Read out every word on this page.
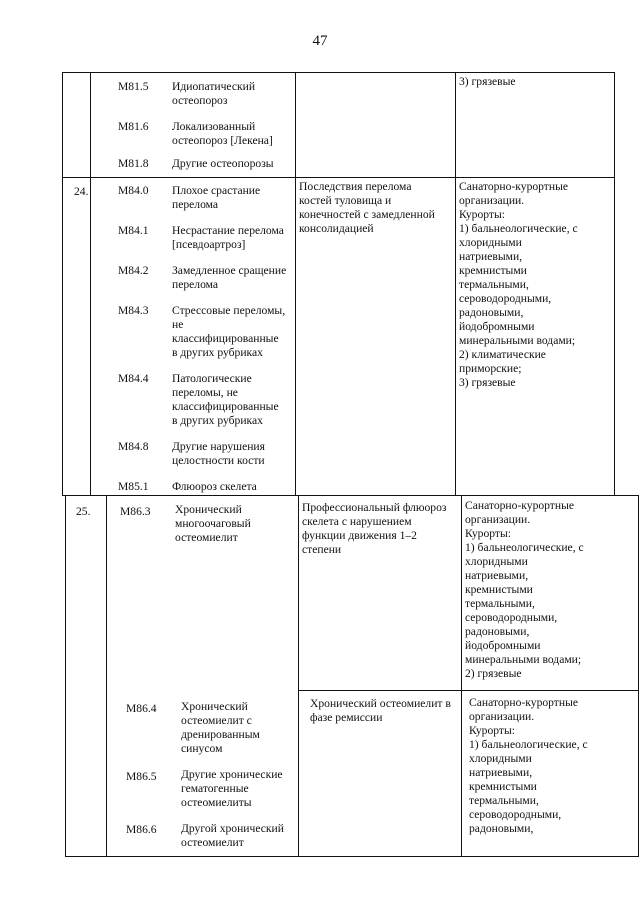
47
M81.5 Идиопатический
остеопороз
M81.6 Локализованный
остеопороз [Лекена]
M81.8 Другие остеопорозы
3) грязевые
24.	M84.0 Плохое срастание
перелома
M84.1 Несрастание перелома
[псевдоартроз]
M84.2 Замедленное сращение
перелома
M84.3 Стрессовые переломы,
не
классифицированные
в других рубриках
M84.4 Патологические
переломы, не
классифицированные
в других рубриках
M84.8 Другие нарушения
целостности кости
M85.1 Флюороз скелета
Последствия перелома
костей туловища и
конечностей с замедленной
консолидацией
Санаторно-курортные
организации.
Курорты:
1) бальнеологические, с
хлоридными
натриевыми,
кремнистыми
термальными,
сероводородными,
радоновыми,
йодобромными
минеральными водами;
2) климатические
приморские;
3) грязевые
25.	M86.3 Хронический
многоочаговый
остеомиелит
Профессиональный флюороз
скелета с нарушением
функции движения 1–2
степени
Санаторно-курортные
организации.
Курорты:
1) бальнеологические, с
хлоридными
натриевыми,
кремнистыми
термальными,
сероводородными,
радоновыми,
йодобромными
минеральными водами;
2) грязевые
M86.4 Хронический
остеомиелит с
дренированным
синусом
M86.5 Другие хронические
гематогенные
остеомиелиты
M86.6 Другой хронический
остеомиелит
Хронический остеомиелит в
фазе ремиссии
Санаторно-курортные
организации.
Курорты:
1) бальнеологические, с
хлоридными
натриевыми,
кремнистыми
термальными,
сероводородными,
радоновыми,
